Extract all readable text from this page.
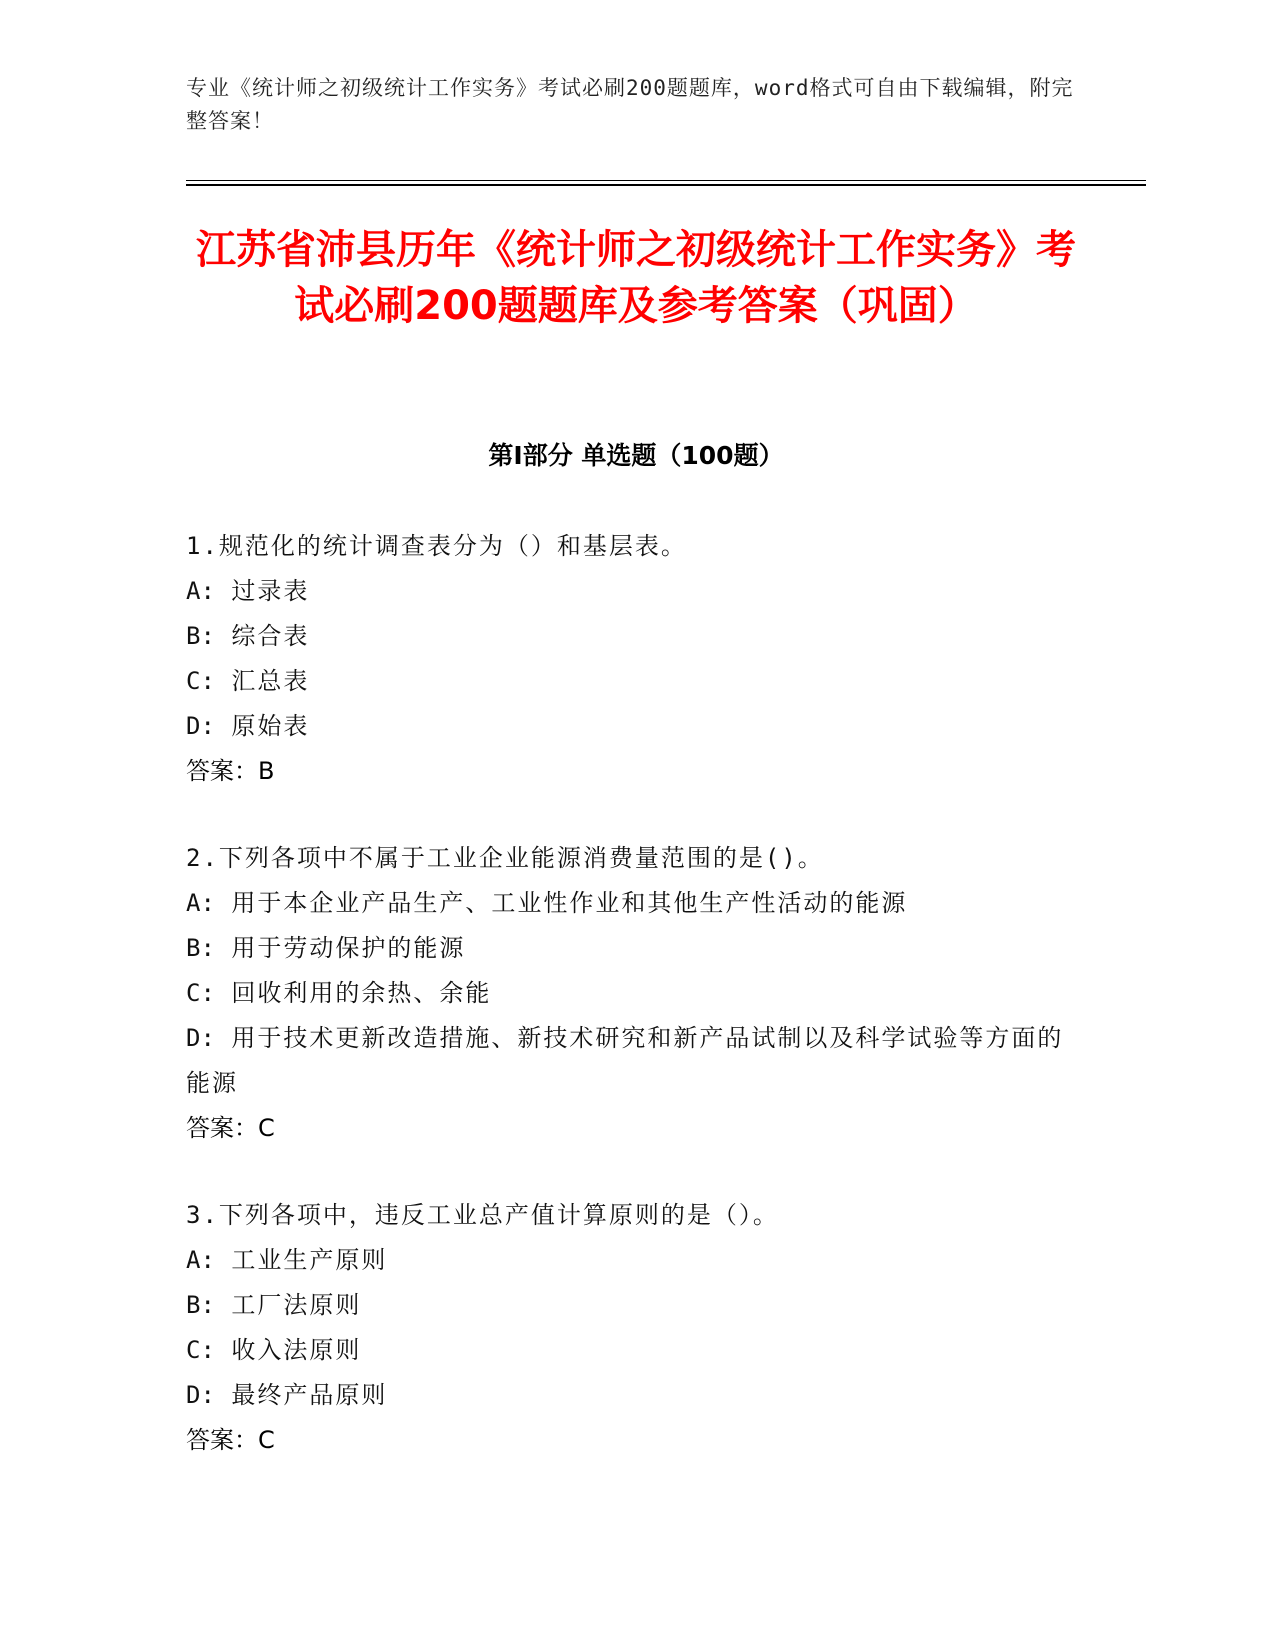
专业《统计师之初级统计工作实务》考试必刷200题题库，word格式可自由下载编辑，附完整答案！
江苏省沛县历年《统计师之初级统计工作实务》考试必刷200题题库及参考答案（巩固）
第Ⅰ部分 单选题（100题）
1.规范化的统计调查表分为（）和基层表。
A: 过录表
B: 综合表
C: 汇总表
D: 原始表
答案：B
2.下列各项中不属于工业企业能源消费量范围的是()。
A: 用于本企业产品生产、工业性作业和其他生产性活动的能源
B: 用于劳动保护的能源
C: 回收利用的余热、余能
D: 用于技术更新改造措施、新技术研究和新产品试制以及科学试验等方面的能源
答案：C
3.下列各项中，违反工业总产值计算原则的是（）。
A: 工业生产原则
B: 工厂法原则
C: 收入法原则
D: 最终产品原则
答案：C
